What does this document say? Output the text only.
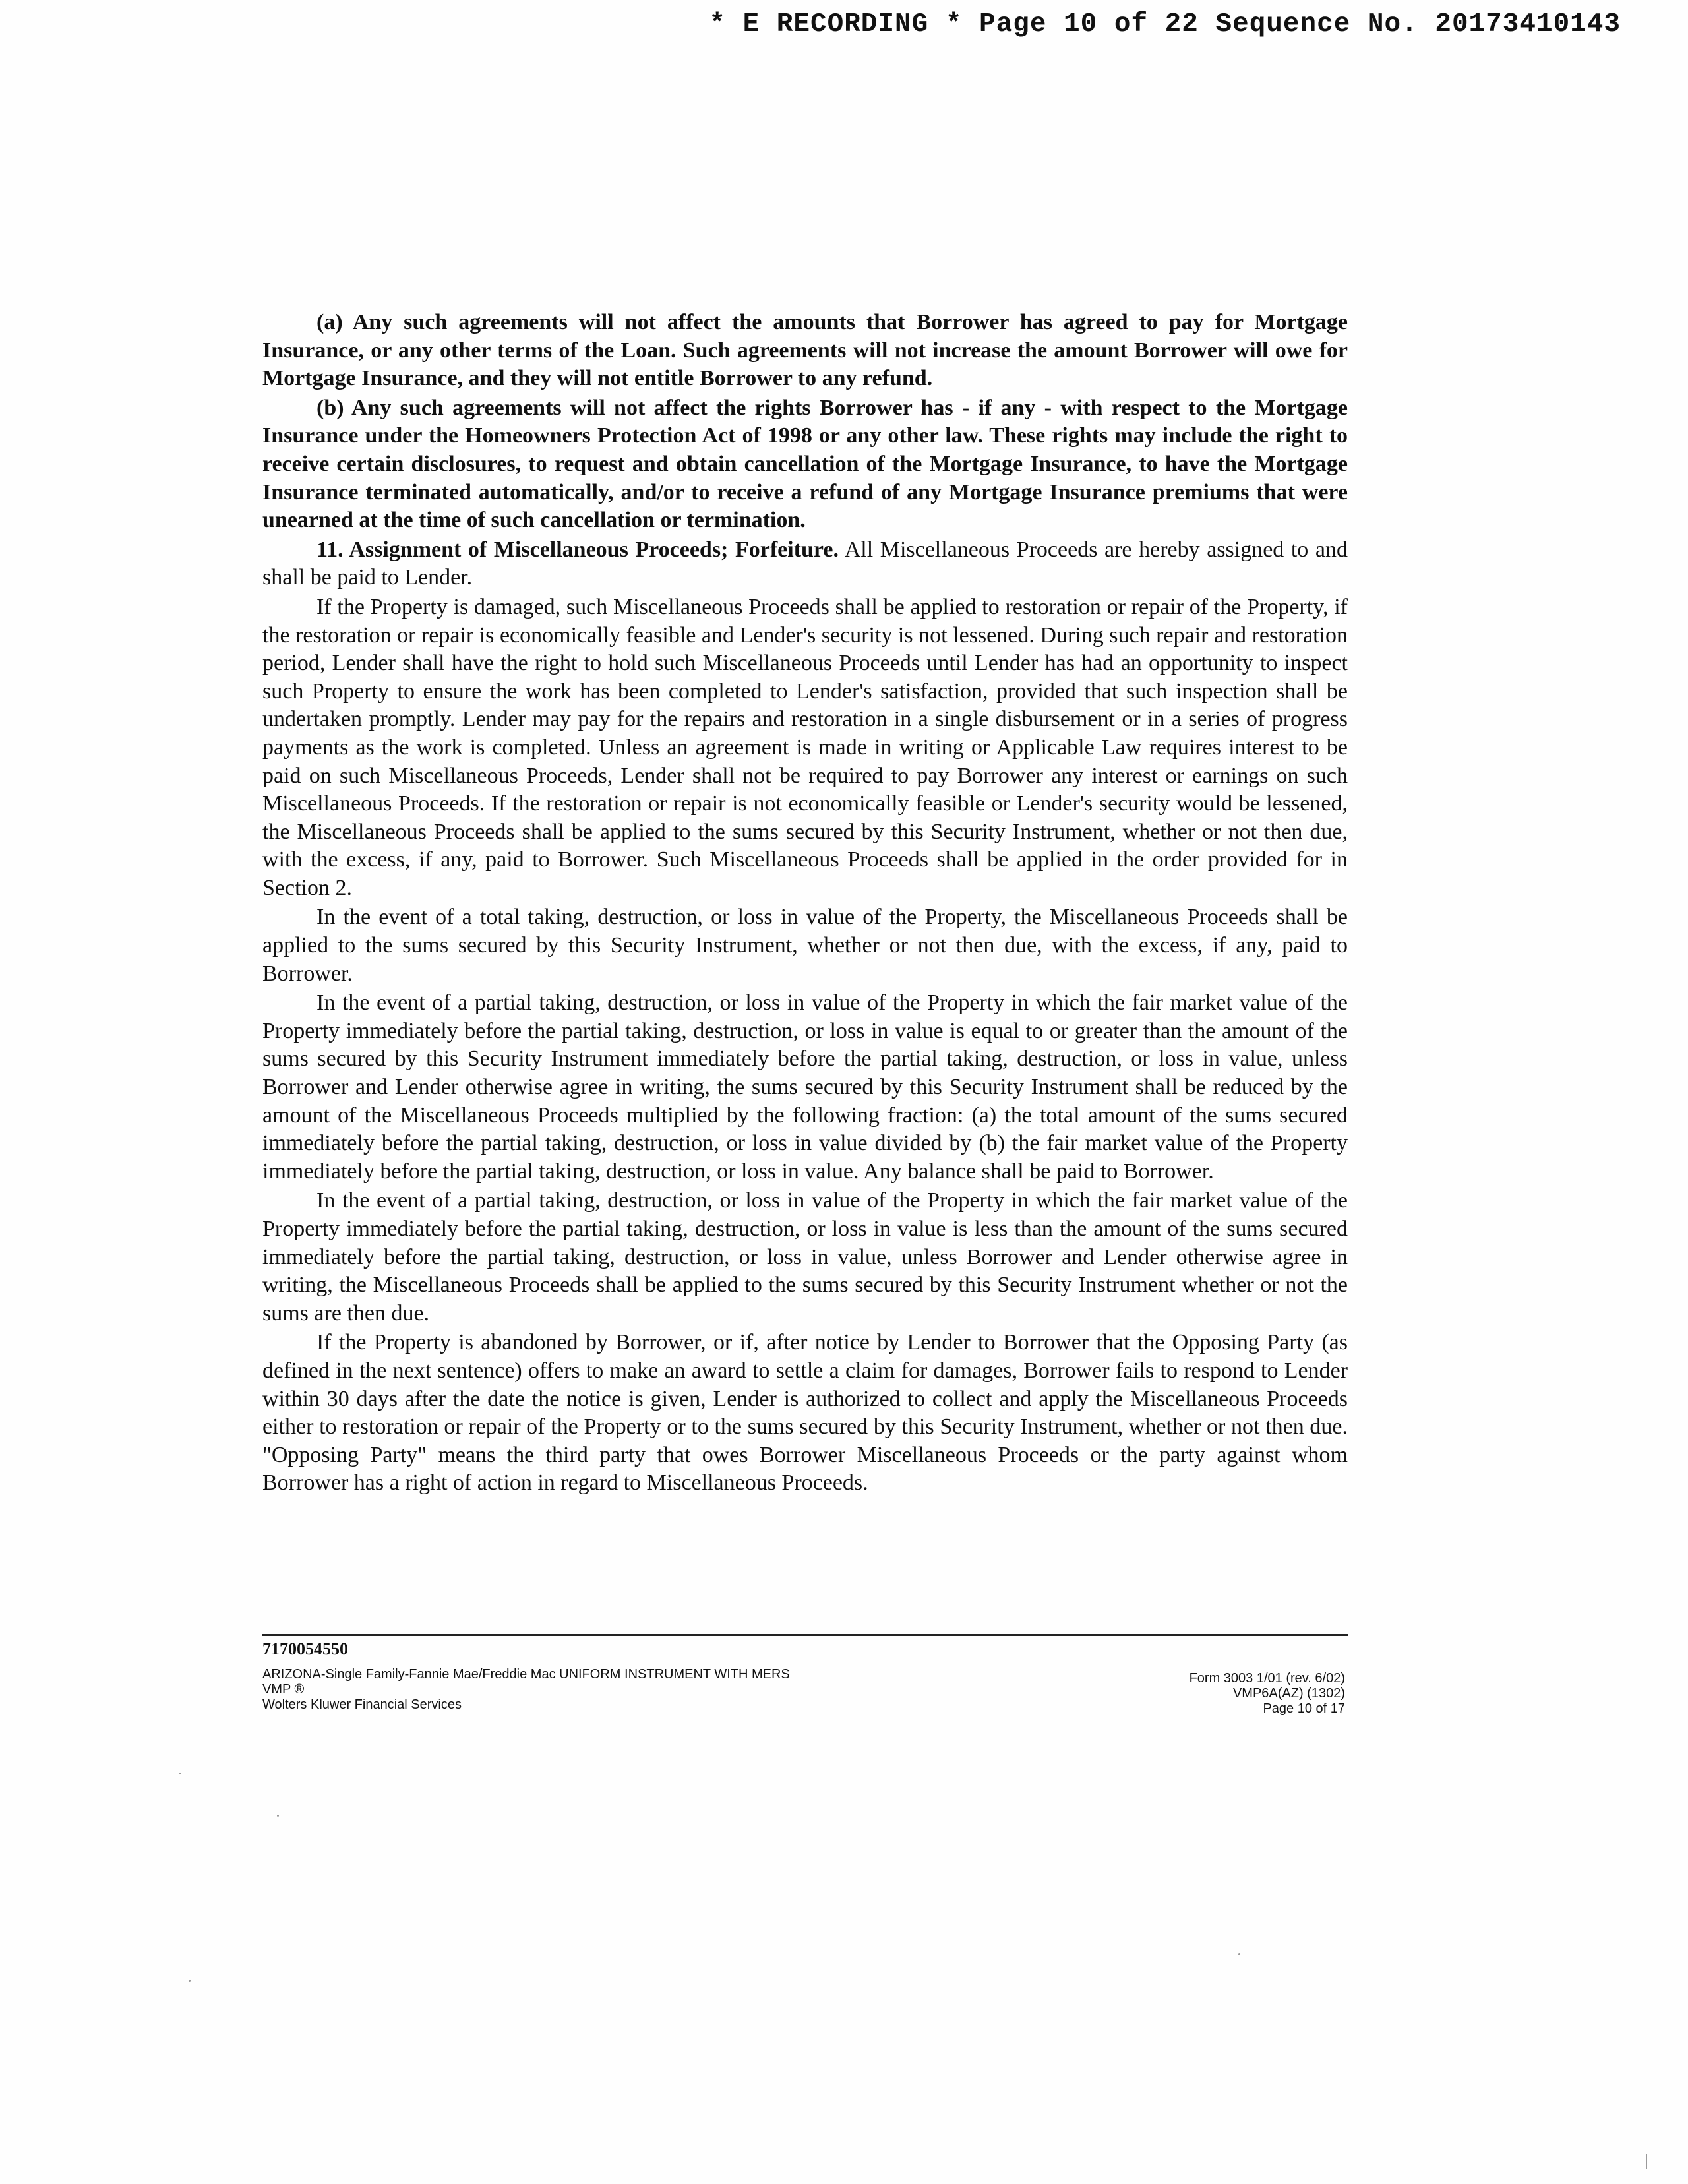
* E RECORDING * Page 10 of 22 Sequence No. 20173410143

(a) Any such agreements will not affect the amounts that Borrower has agreed to pay for Mortgage Insurance, or any other terms of the Loan. Such agreements will not increase the amount Borrower will owe for Mortgage Insurance, and they will not entitle Borrower to any refund.

(b) Any such agreements will not affect the rights Borrower has - if any - with respect to the Mortgage Insurance under the Homeowners Protection Act of 1998 or any other law. These rights may include the right to receive certain disclosures, to request and obtain cancellation of the Mortgage Insurance, to have the Mortgage Insurance terminated automatically, and/or to receive a refund of any Mortgage Insurance premiums that were unearned at the time of such cancellation or termination.

11. Assignment of Miscellaneous Proceeds; Forfeiture. All Miscellaneous Proceeds are hereby assigned to and shall be paid to Lender.

If the Property is damaged, such Miscellaneous Proceeds shall be applied to restoration or repair of the Property, if the restoration or repair is economically feasible and Lender's security is not lessened. During such repair and restoration period, Lender shall have the right to hold such Miscellaneous Proceeds until Lender has had an opportunity to inspect such Property to ensure the work has been completed to Lender's satisfaction, provided that such inspection shall be undertaken promptly. Lender may pay for the repairs and restoration in a single disbursement or in a series of progress payments as the work is completed. Unless an agreement is made in writing or Applicable Law requires interest to be paid on such Miscellaneous Proceeds, Lender shall not be required to pay Borrower any interest or earnings on such Miscellaneous Proceeds. If the restoration or repair is not economically feasible or Lender's security would be lessened, the Miscellaneous Proceeds shall be applied to the sums secured by this Security Instrument, whether or not then due, with the excess, if any, paid to Borrower. Such Miscellaneous Proceeds shall be applied in the order provided for in Section 2.

In the event of a total taking, destruction, or loss in value of the Property, the Miscellaneous Proceeds shall be applied to the sums secured by this Security Instrument, whether or not then due, with the excess, if any, paid to Borrower.

In the event of a partial taking, destruction, or loss in value of the Property in which the fair market value of the Property immediately before the partial taking, destruction, or loss in value is equal to or greater than the amount of the sums secured by this Security Instrument immediately before the partial taking, destruction, or loss in value, unless Borrower and Lender otherwise agree in writing, the sums secured by this Security Instrument shall be reduced by the amount of the Miscellaneous Proceeds multiplied by the following fraction: (a) the total amount of the sums secured immediately before the partial taking, destruction, or loss in value divided by (b) the fair market value of the Property immediately before the partial taking, destruction, or loss in value. Any balance shall be paid to Borrower.

In the event of a partial taking, destruction, or loss in value of the Property in which the fair market value of the Property immediately before the partial taking, destruction, or loss in value is less than the amount of the sums secured immediately before the partial taking, destruction, or loss in value, unless Borrower and Lender otherwise agree in writing, the Miscellaneous Proceeds shall be applied to the sums secured by this Security Instrument whether or not the sums are then due.

If the Property is abandoned by Borrower, or if, after notice by Lender to Borrower that the Opposing Party (as defined in the next sentence) offers to make an award to settle a claim for damages, Borrower fails to respond to Lender within 30 days after the date the notice is given, Lender is authorized to collect and apply the Miscellaneous Proceeds either to restoration or repair of the Property or to the sums secured by this Security Instrument, whether or not then due. "Opposing Party" means the third party that owes Borrower Miscellaneous Proceeds or the party against whom Borrower has a right of action in regard to Miscellaneous Proceeds.

7170054550
ARIZONA-Single Family-Fannie Mae/Freddie Mac UNIFORM INSTRUMENT WITH MERS
VMP ®
Wolters Kluwer Financial Services
Form 3003 1/01 (rev. 6/02)
VMP6A(AZ) (1302)
Page 10 of 17
